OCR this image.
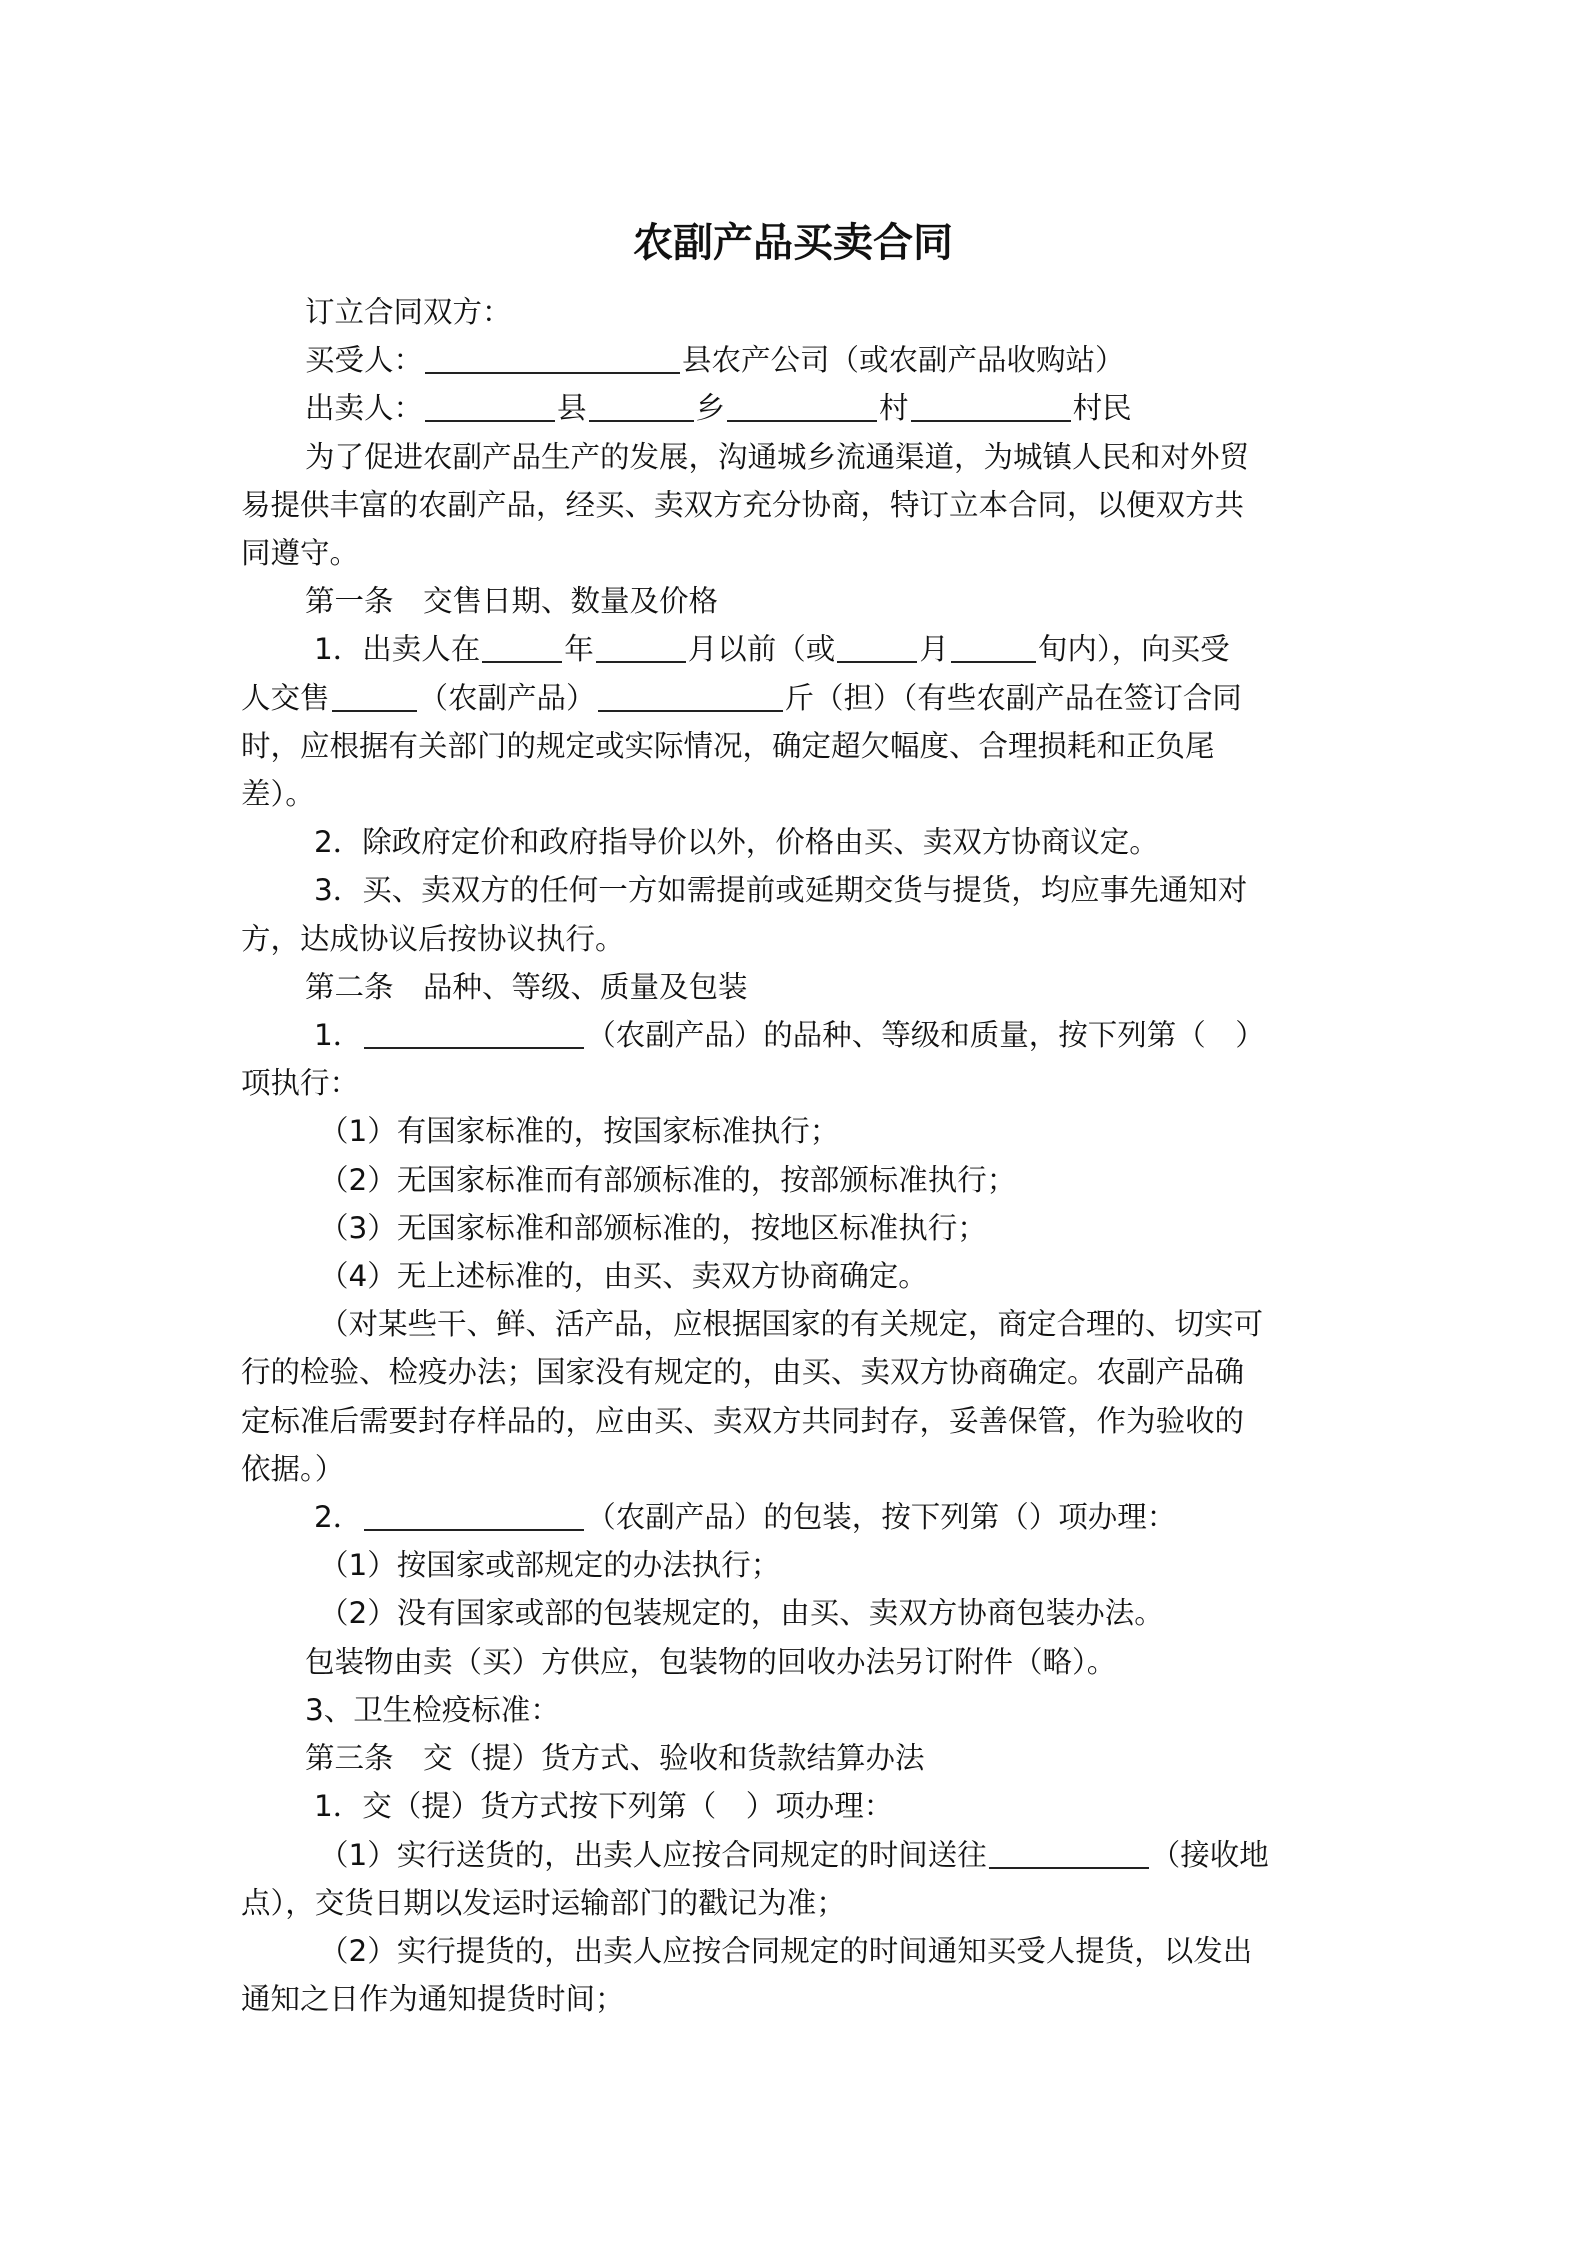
农副产品买卖合同
订立合同双方：
买受人：	县农产公司（或农副产品收购站）
出卖人：	县	乡	村	村民
为了促进农副产品生产的发展，沟通城乡流通渠道，为城镇人民和对外贸
易提供丰富的农副产品，经买、卖双方充分协商，特订立本合同，以便双方共
同遵守。
第一条　交售日期、数量及价格
1．出卖人在	年	月以前（或	月	旬内），向买受
人交售	（农副产品）	斤（担）（有些农副产品在签订合同
时，应根据有关部门的规定或实际情况，确定超欠幅度、合理损耗和正负尾
差）。
2．除政府定价和政府指导价以外，价格由买、卖双方协商议定。
3．买、卖双方的任何一方如需提前或延期交货与提货，均应事先通知对
方，达成协议后按协议执行。
第二条　品种、等级、质量及包装
1．	（农副产品）的品种、等级和质量，按下列第（　）
项执行：
（1）有国家标准的，按国家标准执行；
（2）无国家标准而有部颁标准的，按部颁标准执行；
（3）无国家标准和部颁标准的，按地区标准执行；
（4）无上述标准的，由买、卖双方协商确定。
（对某些干、鲜、活产品，应根据国家的有关规定，商定合理的、切实可
行的检验、检疫办法；国家没有规定的，由买、卖双方协商确定。农副产品确
定标准后需要封存样品的，应由买、卖双方共同封存，妥善保管，作为验收的
依据。）
2．	（农副产品）的包装，按下列第（）项办理：
（1）按国家或部规定的办法执行；
（2）没有国家或部的包装规定的，由买、卖双方协商包装办法。
包装物由卖（买）方供应，包装物的回收办法另订附件（略）。
3、卫生检疫标准：
第三条　交（提）货方式、验收和货款结算办法
1．交（提）货方式按下列第（　）项办理：
（1）实行送货的，出卖人应按合同规定的时间送往	（接收地
点），交货日期以发运时运输部门的戳记为准；
（2）实行提货的，出卖人应按合同规定的时间通知买受人提货，以发出
通知之日作为通知提货时间；
